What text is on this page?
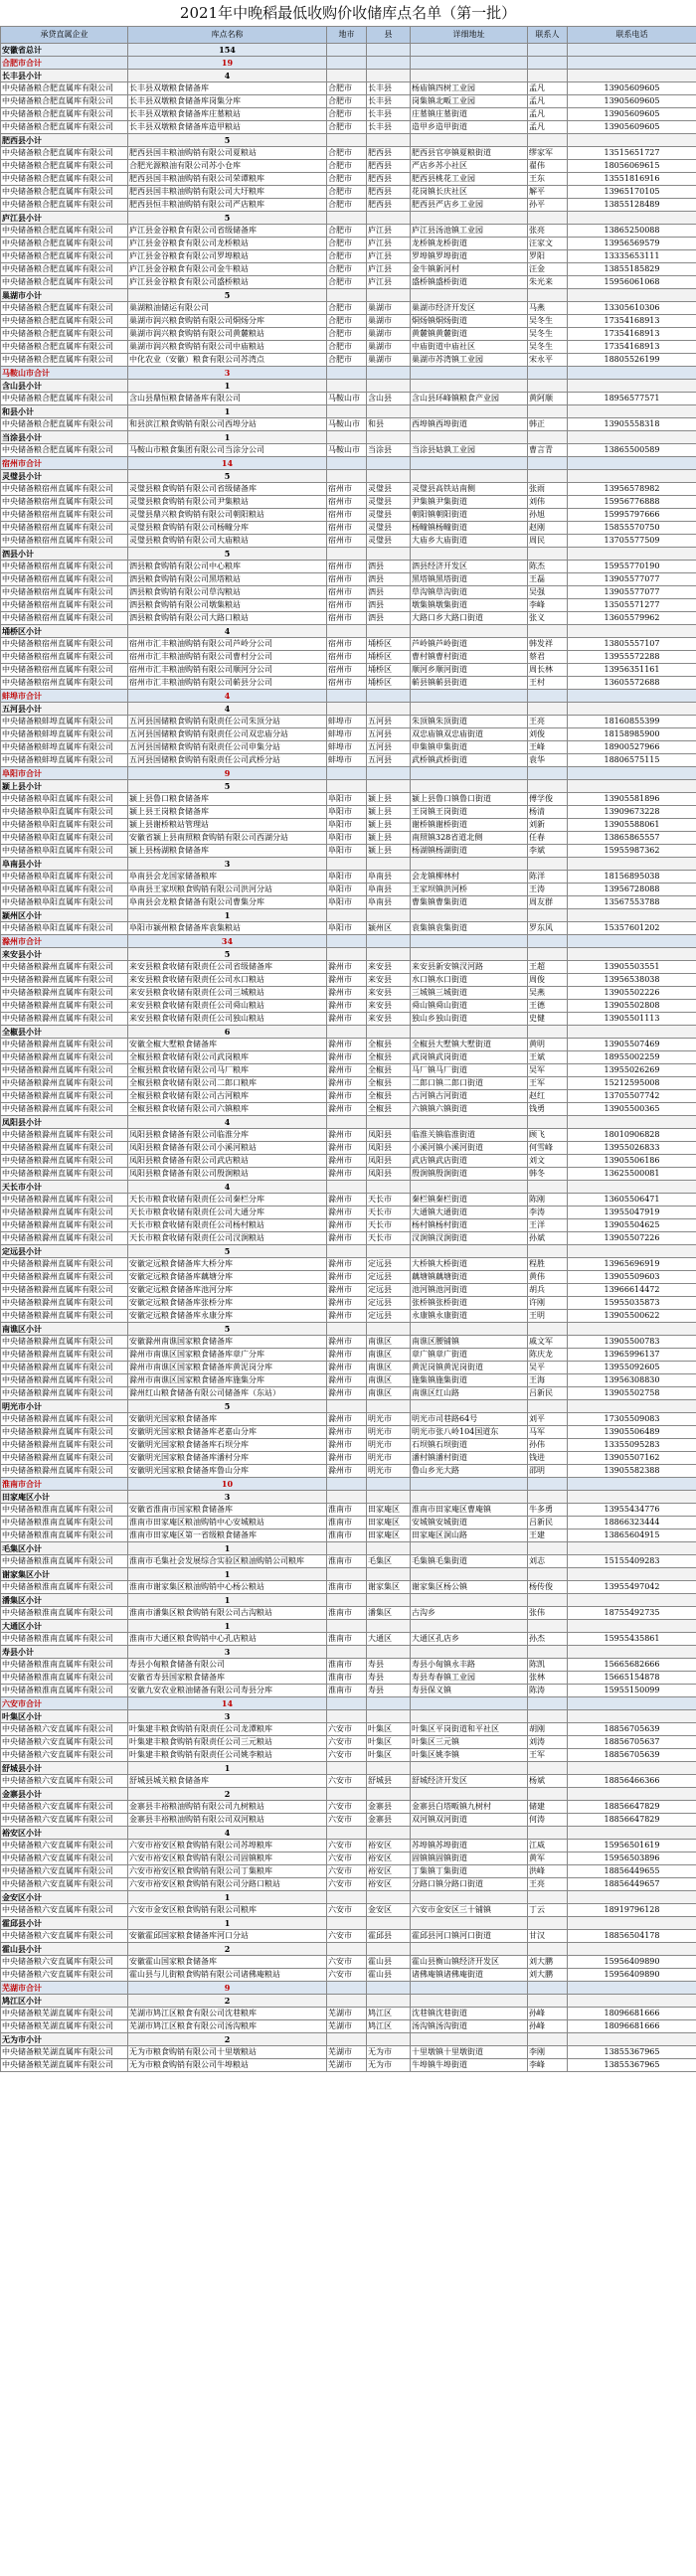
2021年中晚稻最低收购价收储库点名单（第一批）
承贷直属企业	库点名称	地市	县	详细地址	联系人	联系电话
安徽省总计	154					
合肥市合计	19					
长丰县小计	4					
中央储备粮合肥直属库有限公司	长丰县双墩粮食储备库	合肥市	长丰县	杨庙镇四树工业园	孟凡	13905609605
中央储备粮合肥直属库有限公司	长丰县双墩粮食储备库岗集分库	合肥市	长丰县	岗集镇北畈工业园	孟凡	13905609605
中央储备粮合肥直属库有限公司	长丰县双墩粮食储备库庄墓粮站	合肥市	长丰县	庄墓镇庄墓街道	孟凡	13905609605
中央储备粮合肥直属库有限公司	长丰县双墩粮食储备库造甲粮站	合肥市	长丰县	造甲乡造甲街道	孟凡	13905609605
肥西县小计	5					
中央储备粮合肥直属库有限公司	肥西县国丰粮油购销有限公司夏粮站	合肥市	肥西县	肥西县官亭镇夏粮街道	缪家军	13515651727
中央储备粮合肥直属库有限公司	合肥光源粮油有限公司苏小仓库	合肥市	肥西县	严店乡苏小社区	翟伟	18056069615
中央储备粮合肥直属库有限公司	肥西县国丰粮油购销有限公司荣谭粮库	合肥市	肥西县	肥西县桃花工业园	王东	13551816916
中央储备粮合肥直属库有限公司	肥西县国丰粮油购销有限公司大圩粮库	合肥市	肥西县	花岗镇长庆社区	解平	13965170105
中央储备粮合肥直属库有限公司	肥西县恒丰粮油购销有限公司严店粮库	合肥市	肥西县	肥西县严店乡工业园	孙平	13855128489
庐江县小计	5					
中央储备粮合肥直属库有限公司	庐江县金谷粮食有限公司省级储备库	合肥市	庐江县	庐江县汤池镇工业园	张亮	13865250088
中央储备粮合肥直属库有限公司	庐江县金谷粮食有限公司龙桥粮站	合肥市	庐江县	龙桥镇龙桥街道	汪家文	13956569579
中央储备粮合肥直属库有限公司	庐江县金谷粮食有限公司罗埠粮站	合肥市	庐江县	罗埠镇罗埠街道	罗阳	13335653111
中央储备粮合肥直属库有限公司	庐江县金谷粮食有限公司金牛粮站	合肥市	庐江县	金牛镇新河村	汪金	13855185829
中央储备粮合肥直属库有限公司	庐江县金谷粮食有限公司盛桥粮站	合肥市	庐江县	盛桥镇盛桥街道	朱光来	15956061068
巢湖市小计	5					
中央储备粮合肥直属库有限公司	巢湖粮油储运有限公司	合肥市	巢湖市	巢湖市经济开发区	马燕	13305610306
中央储备粮合肥直属库有限公司	巢湖市润兴粮食购销有限公司烔炀分库	合肥市	巢湖市	烔炀镇烔炀街道	吴冬生	17354168913
中央储备粮合肥直属库有限公司	巢湖市润兴粮食购销有限公司黄麓粮站	合肥市	巢湖市	黄麓镇黄麓街道	吴冬生	17354168913
中央储备粮合肥直属库有限公司	巢湖市润兴粮食购销有限公司中庙粮站	合肥市	巢湖市	中庙街道中庙社区	吴冬生	17354168913
中央储备粮合肥直属库有限公司	中化农业（安徽）粮食有限公司苏湾点	合肥市	巢湖市	巢湖市苏湾镇工业园	宋永平	18805526199
马鞍山市合计	3					
含山县小计	1					
中央储备粮合肥直属库有限公司	含山县鼎恒粮食储备库有限公司	马鞍山市	含山县	含山县环峰镇粮食产业园	黄阿顺	18956577571
和县小计	1					
中央储备粮合肥直属库有限公司	和县滨江粮食购销有限公司西埠分站	马鞍山市	和县	西埠镇西埠街道	韩正	13905558318
当涂县小计	1					
中央储备粮合肥直属库有限公司	马鞍山市粮食集团有限公司当涂分公司	马鞍山市	当涂县	当涂县姑孰工业园	曹言青	13865500589
宿州市合计	14					
灵璧县小计	5					
中央储备粮宿州直属库有限公司	灵璧县粮食购销有限公司省级储备库	宿州市	灵璧县	灵璧县高铁站南侧	张雨	13956578982
中央储备粮宿州直属库有限公司	灵璧县粮食购销有限公司尹集粮站	宿州市	灵璧县	尹集镇尹集街道	刘伟	15956776888
中央储备粮宿州直属库有限公司	灵璧县鼎兴粮食购销有限公司朝阳粮站	宿州市	灵璧县	朝阳镇朝阳街道	孙旭	15995797666
中央储备粮宿州直属库有限公司	灵璧县粮食购销有限公司杨疃分库	宿州市	灵璧县	杨疃镇杨疃街道	赵刚	15855570750
中央储备粮宿州直属库有限公司	灵璧县粮食购销有限公司大庙粮站	宿州市	灵璧县	大庙乡大庙街道	周民	13705577509
泗县小计	5					
中央储备粮宿州直属库有限公司	泗县粮食购销有限公司中心粮库	宿州市	泗县	泗县经济开发区	陈杰	15955770190
中央储备粮宿州直属库有限公司	泗县粮食购销有限公司黑塔粮站	宿州市	泗县	黑塔镇黑塔街道	王磊	13905577077
中央储备粮宿州直属库有限公司	泗县粮食购销有限公司草沟粮站	宿州市	泗县	草沟镇草沟街道	吴强	13905577077
中央储备粮宿州直属库有限公司	泗县粮食购销有限公司墩集粮站	宿州市	泗县	墩集镇墩集街道	李峰	13505571277
中央储备粮宿州直属库有限公司	泗县粮食购销有限公司大路口粮站	宿州市	泗县	大路口乡大路口街道	张义	13605579962
埇桥区小计	4					
中央储备粮宿州直属库有限公司	宿州市汇丰粮油购销有限公司芦岭分公司	宿州市	埇桥区	芦岭镇芦岭街道	韩发祥	13805557107
中央储备粮宿州直属库有限公司	宿州市汇丰粮油购销有限公司曹村分公司	宿州市	埇桥区	曹村镇曹村街道	蔡君	13955572288
中央储备粮宿州直属库有限公司	宿州市汇丰粮油购销有限公司顺河分公司	宿州市	埇桥区	顺河乡顺河街道	周长林	13956351161
中央储备粮宿州直属库有限公司	宿州市汇丰粮油购销有限公司蕲县分公司	宿州市	埇桥区	蕲县镇蕲县街道	王村	13605572688
蚌埠市合计	4					
五河县小计	4					
中央储备粮蚌埠直属库有限公司	五河县国储粮食购销有限责任公司朱顶分站	蚌埠市	五河县	朱顶镇朱顶街道	王亮	18160855399
中央储备粮蚌埠直属库有限公司	五河县国储粮食购销有限责任公司双忠庙分站	蚌埠市	五河县	双忠庙镇双忠庙街道	刘俊	18158985900
中央储备粮蚌埠直属库有限公司	五河县国储粮食购销有限责任公司申集分站	蚌埠市	五河县	申集镇申集街道	王峰	18900527966
中央储备粮蚌埠直属库有限公司	五河县国储粮食购销有限责任公司武桥分站	蚌埠市	五河县	武桥镇武桥街道	袁华	18806575115
阜阳市合计	9					
颍上县小计	5					
中央储备粮阜阳直属库有限公司	颍上县鲁口粮食储备库	阜阳市	颍上县	颍上县鲁口镇鲁口街道	傅学俊	13905581896
中央储备粮阜阳直属库有限公司	颍上县王岗粮食储备库	阜阳市	颍上县	王岗镇王岗街道	杨清	13909673228
中央储备粮阜阳直属库有限公司	颍上县谢桥粮站管理站	阜阳市	颍上县	谢桥镇谢桥街道	刘新	13905588061
中央储备粮阜阳直属库有限公司	安徽省颍上县南照粮食购销有限公司西湖分站	阜阳市	颍上县	南照镇328省道北侧	任春	13865865557
中央储备粮阜阳直属库有限公司	颍上县杨湖粮食储备库	阜阳市	颍上县	杨湖镇杨湖街道	李斌	15955987362
阜南县小计	3					
中央储备粮阜阳直属库有限公司	阜南县会龙国家储备粮库	阜阳市	阜南县	会龙镇柳林村	陈洋	18156895038
中央储备粮阜阳直属库有限公司	阜南县王家坝粮食购销有限公司洪河分站	阜阳市	阜南县	王家坝镇洪河桥	王涛	13956728088
中央储备粮阜阳直属库有限公司	阜南县会龙粮食储备有限公司曹集分库	阜阳市	阜南县	曹集镇曹集街道	周友群	13567553788
颍州区小计	1					
中央储备粮阜阳直属库有限公司	阜阳市颍州粮食储备库袁集粮站	阜阳市	颍州区	袁集镇袁集街道	罗东风	15357601202
滁州市合计	34					
来安县小计	5					
中央储备粮滁州直属库有限公司	来安县粮食收储有限责任公司省级储备库	滁州市	来安县	来安县新安镇汊河路	王超	13905503551
中央储备粮滁州直属库有限公司	来安县粮食收储有限责任公司水口粮站	滁州市	来安县	水口镇水口街道	周俊	13956538038
中央储备粮滁州直属库有限公司	来安县粮食收储有限责任公司三城粮站	滁州市	来安县	三城镇三城街道	吴燕	13905502226
中央储备粮滁州直属库有限公司	来安县粮食收储有限责任公司舜山粮站	滁州市	来安县	舜山镇舜山街道	王德	13905502808
中央储备粮滁州直属库有限公司	来安县粮食收储有限责任公司独山粮站	滁州市	来安县	独山乡独山街道	史健	13905501113
全椒县小计	6					
中央储备粮滁州直属库有限公司	安徽全椒大墅粮食储备库	滁州市	全椒县	全椒县大墅镇大墅街道	黄明	13905507469
中央储备粮滁州直属库有限公司	全椒县粮食收储有限公司武岗粮库	滁州市	全椒县	武岗镇武岗街道	王斌	18955002259
中央储备粮滁州直属库有限公司	全椒县粮食收储有限公司马厂粮库	滁州市	全椒县	马厂镇马厂街道	吴军	13955026269
中央储备粮滁州直属库有限公司	全椒县粮食收储有限公司二郎口粮库	滁州市	全椒县	二郎口镇二郎口街道	王军	15212595008
中央储备粮滁州直属库有限公司	全椒县粮食收储有限公司古河粮库	滁州市	全椒县	古河镇古河街道	赵红	13705507742
中央储备粮滁州直属库有限公司	全椒县粮食收储有限公司六镇粮库	滁州市	全椒县	六镇镇六镇街道	钱勇	13905500365
凤阳县小计	4					
中央储备粮滁州直属库有限公司	凤阳县粮食储备有限公司临淮分库	滁州市	凤阳县	临淮关镇临淮街道	顾飞	18010906828
中央储备粮滁州直属库有限公司	凤阳县粮食储备有限公司小溪河粮站	滁州市	凤阳县	小溪河镇小溪河街道	何雪峰	13955026833
中央储备粮滁州直属库有限公司	凤阳县粮食储备有限公司武店粮站	滁州市	凤阳县	武店镇武店街道	刘文	13905506186
中央储备粮滁州直属库有限公司	凤阳县粮食储备有限公司殷涧粮站	滁州市	凤阳县	殷涧镇殷涧街道	韩冬	13625500081
天长市小计	4					
中央储备粮滁州直属库有限公司	天长市粮食收储有限责任公司秦栏分库	滁州市	天长市	秦栏镇秦栏街道	陈刚	13605506471
中央储备粮滁州直属库有限公司	天长市粮食收储有限责任公司大通分库	滁州市	天长市	大通镇大通街道	李涛	13955047919
中央储备粮滁州直属库有限公司	天长市粮食收储有限责任公司杨村粮站	滁州市	天长市	杨村镇杨村街道	王洋	13905504625
中央储备粮滁州直属库有限公司	天长市粮食收储有限责任公司汊涧粮站	滁州市	天长市	汊涧镇汊涧街道	孙斌	13905507226
定远县小计	5					
中央储备粮滁州直属库有限公司	安徽定远粮食储备库大桥分库	滁州市	定远县	大桥镇大桥街道	程胜	13965696919
中央储备粮滁州直属库有限公司	安徽定远粮食储备库藕塘分库	滁州市	定远县	藕塘镇藕塘街道	黄伟	13905509603
中央储备粮滁州直属库有限公司	安徽定远粮食储备库池河分库	滁州市	定远县	池河镇池河街道	胡兵	13966614472
中央储备粮滁州直属库有限公司	安徽定远粮食储备库张桥分库	滁州市	定远县	张桥镇张桥街道	许刚	15955035873
中央储备粮滁州直属库有限公司	安徽定远粮食储备库永康分库	滁州市	定远县	永康镇永康街道	王明	13905500622
南谯区小计	5					
中央储备粮滁州直属库有限公司	安徽滁州南谯国家粮食储备库	滁州市	南谯区	南谯区腰铺镇	戚文军	13905500783
中央储备粮滁州直属库有限公司	滁州市南谯区国家粮食储备库章广分库	滁州市	南谯区	章广镇章广街道	陈庆龙	13965996137
中央储备粮滁州直属库有限公司	滁州市南谯区国家粮食储备库黄泥岗分库	滁州市	南谯区	黄泥岗镇黄泥岗街道	吴平	13955092605
中央储备粮滁州直属库有限公司	滁州市南谯区国家粮食储备库施集分库	滁州市	南谯区	施集镇施集街道	王海	13956308830
中央储备粮滁州直属库有限公司	滁州红山粮食储备有限公司储备库（东站）	滁州市	南谯区	南谯区红山路	吕新民	13905502758
明光市小计	5					
中央储备粮滁州直属库有限公司	安徽明光国家粮食储备库	滁州市	明光市	明光市司巷路64号	刘平	17305509083
中央储备粮滁州直属库有限公司	安徽明光国家粮食储备库老嘉山分库	滁州市	明光市	明光市张八岭104国道东	马军	13905506489
中央储备粮滁州直属库有限公司	安徽明光国家粮食储备库石坝分库	滁州市	明光市	石坝镇石坝街道	孙伟	13355095283
中央储备粮滁州直属库有限公司	安徽明光国家粮食储备库潘村分库	滁州市	明光市	潘村镇潘村街道	钱进	13905507162
中央储备粮滁州直属库有限公司	安徽明光国家粮食储备库鲁山分库	滁州市	明光市	鲁山乡光大路	邵明	13905582388
淮南市合计	10					
田家庵区小计	3					
中央储备粮淮南直属库有限公司	安徽省淮南市国家粮食储备库	淮南市	田家庵区	淮南市田家庵区曹庵镇	牛多勇	13955434776
中央储备粮淮南直属库有限公司	淮南市田家庵区粮油购销中心安城粮站	淮南市	田家庵区	安城镇安城街道	吕新民	18866323444
中央储备粮淮南直属库有限公司	淮南市田家庵区第一省级粮食储备库	淮南市	田家庵区	田家庵区洞山路	王建	13865604915
毛集区小计	1					
中央储备粮淮南直属库有限公司	淮南市毛集社会发展综合实验区粮油购销公司粮库	淮南市	毛集区	毛集镇毛集街道	刘志	15155409283
谢家集区小计	1					
中央储备粮淮南直属库有限公司	淮南市谢家集区粮油购销中心杨公粮站	淮南市	谢家集区	谢家集区杨公镇	杨传俊	13955497042
潘集区小计	1					
中央储备粮淮南直属库有限公司	淮南市潘集区粮食购销有限公司古沟粮站	淮南市	潘集区	古沟乡	张伟	18755492735
大通区小计	1					
中央储备粮淮南直属库有限公司	淮南市大通区粮食购销中心孔店粮站	淮南市	大通区	大通区孔店乡	孙杰	15955435861
寿县小计	3					
中央储备粮淮南直属库有限公司	寿县小甸粮食储备有限公司	淮南市	寿县	寿县小甸镇永丰路	陈凯	15665682666
中央储备粮淮南直属库有限公司	安徽省寿县国家粮食储备库	淮南市	寿县	寿县寿春镇工业园	张林	15665154878
中央储备粮淮南直属库有限公司	安徽九安农业粮油储备有限公司寿县分库	淮南市	寿县	寿县保义镇	陈涛	15955150099
六安市合计	14					
叶集区小计	3					
中央储备粮六安直属库有限公司	叶集建丰粮食购销有限责任公司龙潭粮库	六安市	叶集区	叶集区平岗街道和平社区	胡刚	18856705639
中央储备粮六安直属库有限公司	叶集建丰粮食购销有限责任公司三元粮站	六安市	叶集区	叶集区三元镇	刘涛	18856705637
中央储备粮六安直属库有限公司	叶集建丰粮食购销有限责任公司姚李粮站	六安市	叶集区	叶集区姚李镇	王军	18856705639
舒城县小计	1					
中央储备粮六安直属库有限公司	舒城县城关粮食储备库	六安市	舒城县	舒城经济开发区	杨斌	18856466366
金寨县小计	2					
中央储备粮六安直属库有限公司	金寨县丰裕粮油购销有限公司九树粮站	六安市	金寨县	金寨县白塔畈镇九树村	储建	18856647829
中央储备粮六安直属库有限公司	金寨县丰裕粮油购销有限公司双河粮站	六安市	金寨县	双河镇双河街道	何涛	18856647829
裕安区小计	4					
中央储备粮六安直属库有限公司	六安市裕安区粮食购销有限公司苏埠粮库	六安市	裕安区	苏埠镇苏埠街道	江威	15956501619
中央储备粮六安直属库有限公司	六安市裕安区粮食购销有限公司固镇粮库	六安市	裕安区	固镇镇固镇街道	黄军	15956503896
中央储备粮六安直属库有限公司	六安市裕安区粮食购销有限公司丁集粮库	六安市	裕安区	丁集镇丁集街道	洪峰	18856449655
中央储备粮六安直属库有限公司	六安市裕安区粮食购销有限公司分路口粮站	六安市	裕安区	分路口镇分路口街道	王亮	18856449657
金安区小计	1					
中央储备粮六安直属库有限公司	六安市金安区粮食购销有限公司粮库	六安市	金安区	六安市金安区三十铺镇	丁云	18919796128
霍邱县小计	1					
中央储备粮六安直属库有限公司	安徽霍邱国家粮食储备库河口分站	六安市	霍邱县	霍邱县河口镇河口街道	甘汉	18856504178
霍山县小计	2					
中央储备粮六安直属库有限公司	安徽霍山国家粮食储备库	六安市	霍山县	霍山县衡山镇经济开发区	刘大鹏	15956409890
中央储备粮六安直属库有限公司	霍山县与儿街粮食购销有限公司诸佛庵粮站	六安市	霍山县	诸佛庵镇诸佛庵街道	刘大鹏	15956409890
芜湖市合计	9					
鸠江区小计	2					
中央储备粮芜湖直属库有限公司	芜湖市鸠江区粮食有限公司沈巷粮库	芜湖市	鸠江区	沈巷镇沈巷街道	孙峰	18096681666
中央储备粮芜湖直属库有限公司	芜湖市鸠江区粮食有限公司汤沟粮库	芜湖市	鸠江区	汤沟镇汤沟街道	孙峰	18096681666
无为市小计	2					
中央储备粮芜湖直属库有限公司	无为市粮食购销有限公司十里墩粮站	芜湖市	无为市	十里墩镇十里墩街道	李刚	13855367965
中央储备粮芜湖直属库有限公司	无为市粮食购销有限公司牛埠粮站	芜湖市	无为市	牛埠镇牛埠街道	李峰	13855367965
